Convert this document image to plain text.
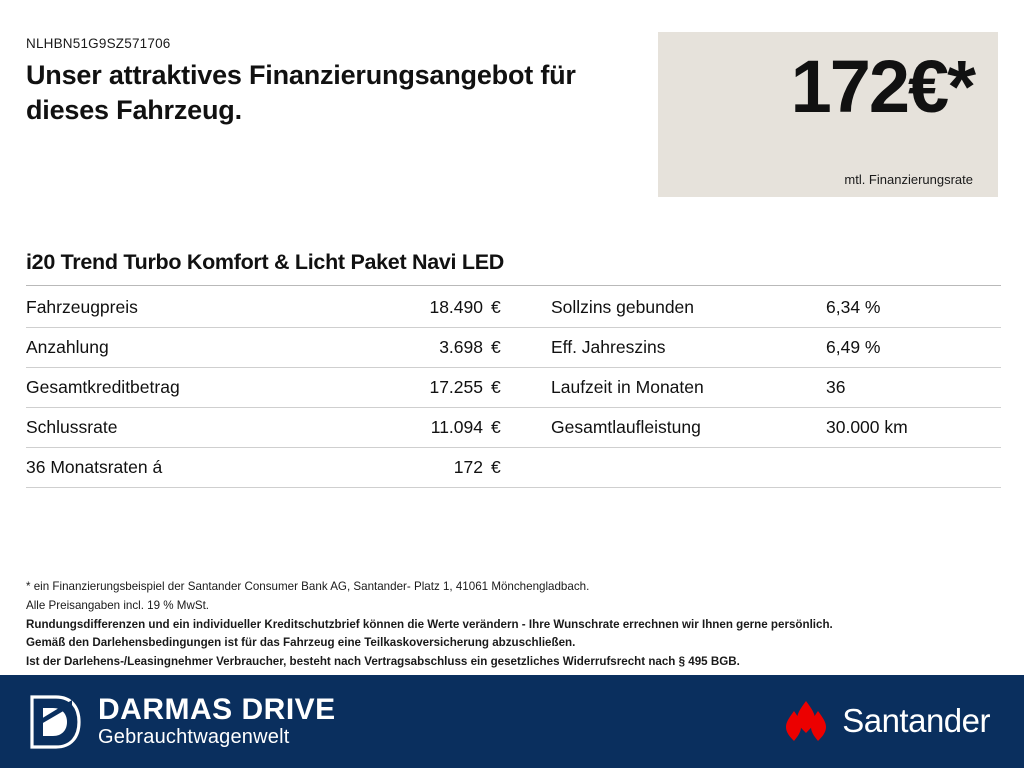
NLHBN51G9SZ571706
Unser attraktives Finanzierungsangebot für dieses Fahrzeug.	172€*
mtl. Finanzierungsrate
i20 Trend Turbo Komfort & Licht Paket Navi LED
Fahrzeugpreis	18.490 €	Sollzins gebunden	6,34 %
Anzahlung	3.698 €	Eff. Jahreszins	6,49 %
Gesamtkreditbetrag	17.255 €	Laufzeit in Monaten	36
Schlussrate	11.094 €	Gesamtlaufleistung	30.000 km
36 Monatsraten á	172 €
* ein Finanzierungsbeispiel der Santander Consumer Bank AG, Santander- Platz 1, 41061 Mönchengladbach.
Alle Preisangaben incl. 19 % MwSt.
Rundungsdifferenzen und ein individueller Kreditschutzbrief können die Werte verändern - Ihre Wunschrate errechnen wir Ihnen gerne persönlich.
Gemäß den Darlehensbedingungen ist für das Fahrzeug eine Teilkaskoversicherung abzuschließen.
Ist der Darlehens-/Leasingnehmer Verbraucher, besteht nach Vertragsabschluss ein gesetzliches Widerrufsrecht nach § 495 BGB.
DARMAS DRIVE
Gebrauchtwagenwelt	Santander
